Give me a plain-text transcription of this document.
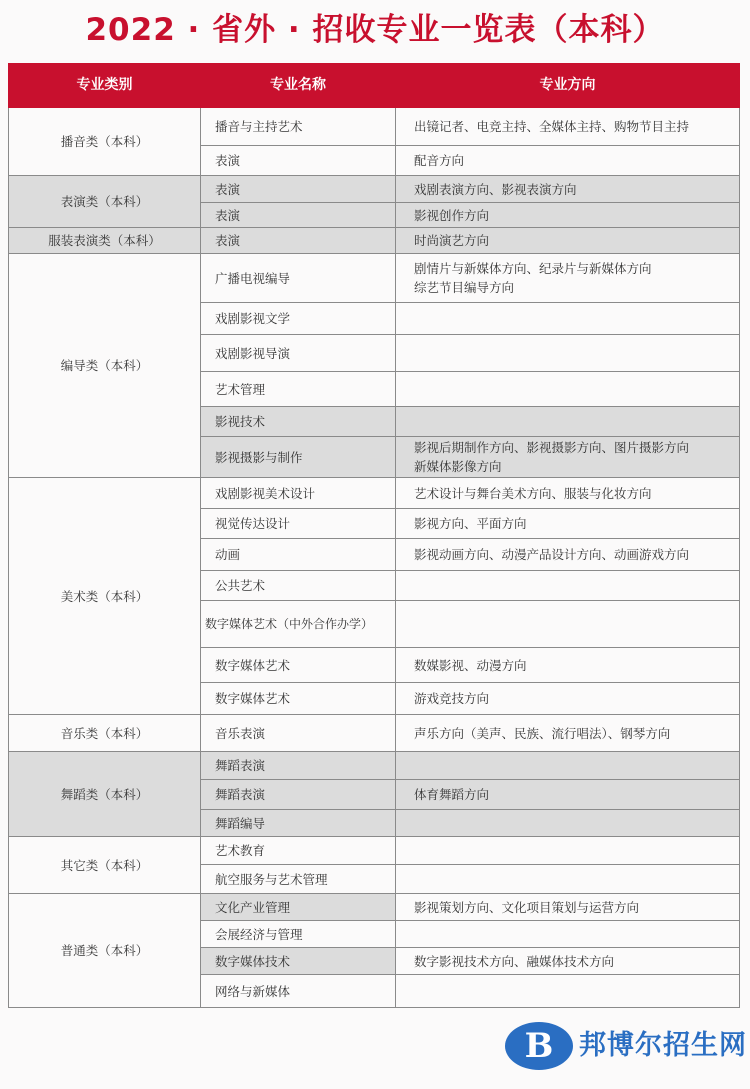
2022 · 省外 · 招收专业一览表（本科）
专业类别	专业名称	专业方向
播音类（本科）	播音与主持艺术	出镜记者、电竞主持、全媒体主持、购物节目主持
	表演	配音方向
表演类（本科）	表演	戏剧表演方向、影视表演方向
	表演	影视创作方向
服装表演类（本科）	表演	时尚演艺方向
编导类（本科）	广播电视编导	剧情片与新媒体方向、纪录片与新媒体方向
综艺节目编导方向

	戏剧影视文学	
	戏剧影视导演	
	艺术管理	
	影视技术	
	影视摄影与制作	影视后期制作方向、影视摄影方向、图片摄影方向
新媒体影像方向

美术类（本科）	戏剧影视美术设计	艺术设计与舞台美术方向、服装与化妆方向
	视觉传达设计	影视方向、平面方向
	动画	影视动画方向、动漫产品设计方向、动画游戏方向
	公共艺术	
	数字媒体艺术（中外合作办学）	
	数字媒体艺术	数媒影视、动漫方向
	数字媒体艺术	游戏竞技方向
音乐类（本科）	音乐表演	声乐方向（美声、民族、流行唱法）、钢琴方向
舞蹈类（本科）	舞蹈表演	
	舞蹈表演	体育舞蹈方向
	舞蹈编导	
其它类（本科）	艺术教育	
	航空服务与艺术管理	
普通类（本科）	文化产业管理	影视策划方向、文化项目策划与运营方向
	会展经济与管理	
	数字媒体技术	数字影视技术方向、融媒体技术方向
	网络与新媒体	
B 邦博尔招生网
